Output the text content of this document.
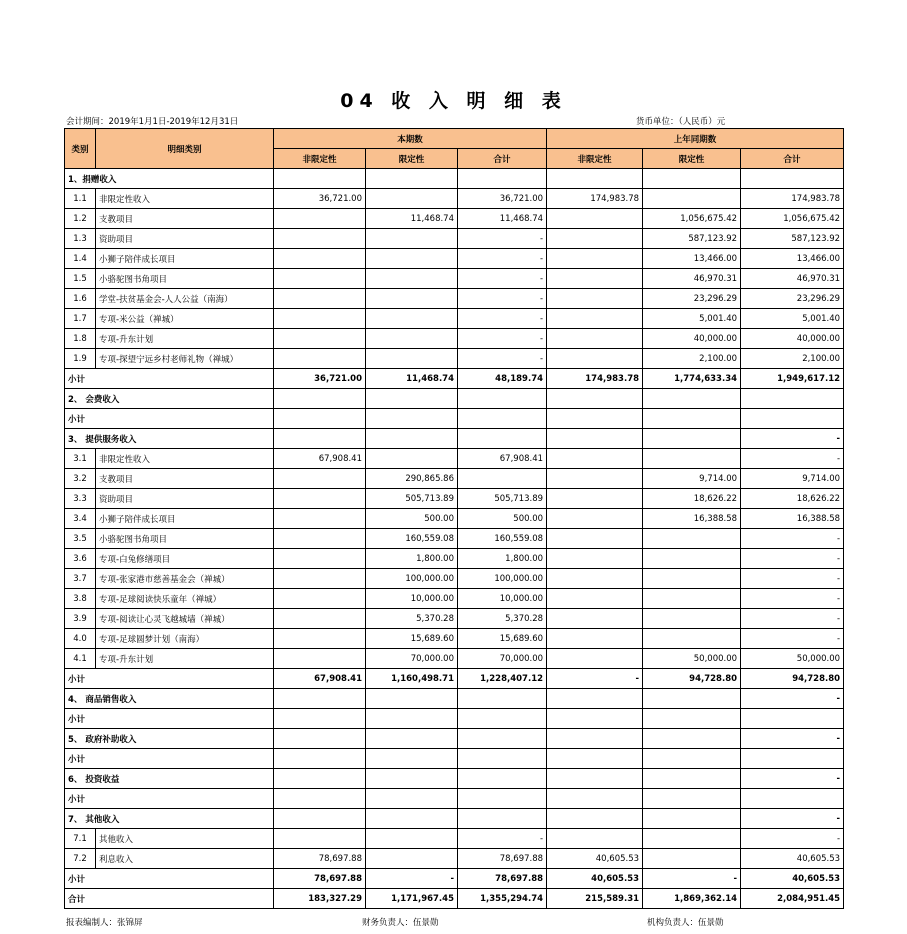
04 收 入 明 细 表
会计期间：2019年1月1日-2019年12月31日	货币单位：（人民币）元
类别	明细类别	本期数			上年同期数		
		非限定性	限定性	合计	非限定性	限定性	合计
1、捐赠收入							
1.1	非限定性收入	36,721.00		36,721.00	174,983.78		174,983.78
1.2	支教项目		11,468.74	11,468.74		1,056,675.42	1,056,675.42
1.3	资助项目			-		587,123.92	587,123.92
1.4	小狮子陪伴成长项目			-		13,466.00	13,466.00
1.5	小骆驼图书角项目			-		46,970.31	46,970.31
1.6	学堂-扶贫基金会-人人公益（南海）			-		23,296.29	23,296.29
1.7	专项-米公益（禅城）			-		5,001.40	5,001.40
1.8	专项-升东计划			-		40,000.00	40,000.00
1.9	专项-探望宁远乡村老师礼物（禅城）			-		2,100.00	2,100.00
小计		36,721.00	11,468.74	48,189.74	174,983.78	1,774,633.34	1,949,617.12
2、 会费收入							
小计							
3、 提供服务收入							-
3.1	非限定性收入	67,908.41		67,908.41			-
3.2	支教项目		290,865.86			9,714.00	9,714.00
3.3	资助项目		505,713.89	505,713.89		18,626.22	18,626.22
3.4	小狮子陪伴成长项目		500.00	500.00		16,388.58	16,388.58
3.5	小骆驼图书角项目		160,559.08	160,559.08			-
3.6	专项-白兔修缮项目		1,800.00	1,800.00			-
3.7	专项-张家港市慈善基金会（禅城）		100,000.00	100,000.00			-
3.8	专项-足球阅读快乐童年（禅城）		10,000.00	10,000.00			-
3.9	专项-阅读让心灵飞越城墙（禅城）		5,370.28	5,370.28			-
4.0	专项-足球圆梦计划（南海）		15,689.60	15,689.60			-
4.1	专项-升东计划		70,000.00	70,000.00		50,000.00	50,000.00
小计		67,908.41	1,160,498.71	1,228,407.12	-	94,728.80	94,728.80
4、 商品销售收入							-
小计							
5、 政府补助收入							-
小计							
6、 投资收益							-
小计							
7、 其他收入							-
7.1	其他收入			-			-
7.2	利息收入	78,697.88		78,697.88	40,605.53		40,605.53
小计		78,697.88	-	78,697.88	40,605.53	-	40,605.53
合计		183,327.29	1,171,967.45	1,355,294.74	215,589.31	1,869,362.14	2,084,951.45
报表编制人：张锦屏	财务负责人：伍景勋	机构负责人：伍景勋
